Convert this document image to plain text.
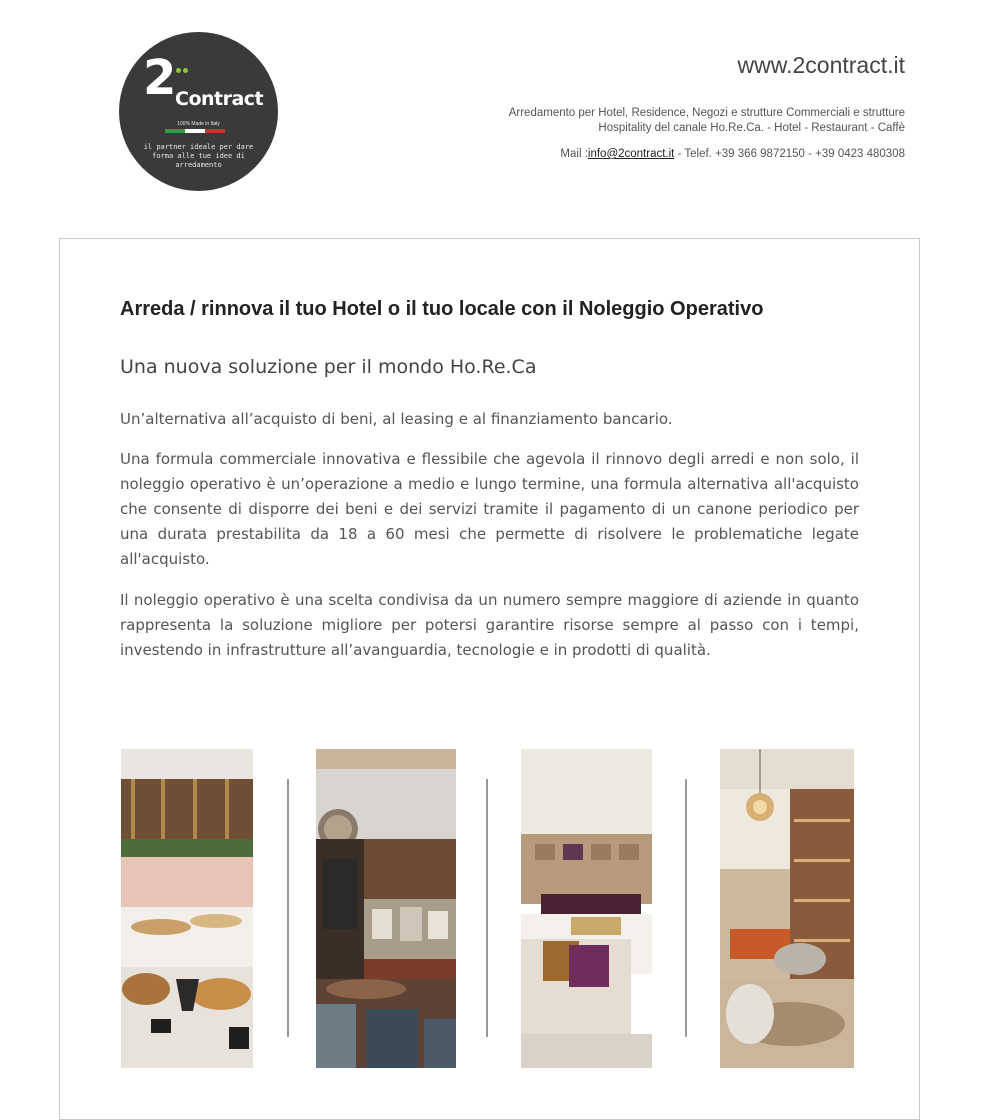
2
Contract
100% Made in Italy
il partner ideale per dare forma alle tue idee di arredamento
www.2contract.it
Arredamento per Hotel, Residence, Negozi e strutture Commerciali e strutture Hospitality del canale Ho.Re.Ca. - Hotel - Restaurant - Caffè
Mail :info@2contract.it - Telef. +39 366 9872150 - +39 0423 480308
Arreda / rinnova il tuo Hotel o il tuo locale con il Noleggio Operativo
Una nuova soluzione per il mondo Ho.Re.Ca

Un’alternativa all’acquisto di beni, al leasing e al finanziamento bancario.

Una formula commerciale innovativa e flessibile che agevola il rinnovo degli arredi e non solo, il noleggio operativo è un’operazione a medio e lungo termine, una formula alternativa all'acquisto che consente di disporre dei beni e dei servizi tramite il pagamento di un canone periodico per una durata prestabilita da 18 a 60 mesi che permette di risolvere le problematiche legate all'acquisto.

Il noleggio operativo è una scelta condivisa da un numero sempre maggiore di aziende in quanto rappresenta la soluzione migliore per potersi garantire risorse sempre al passo con i tempi, investendo in infrastrutture all’avanguardia, tecnologie e in prodotti di qualità.
